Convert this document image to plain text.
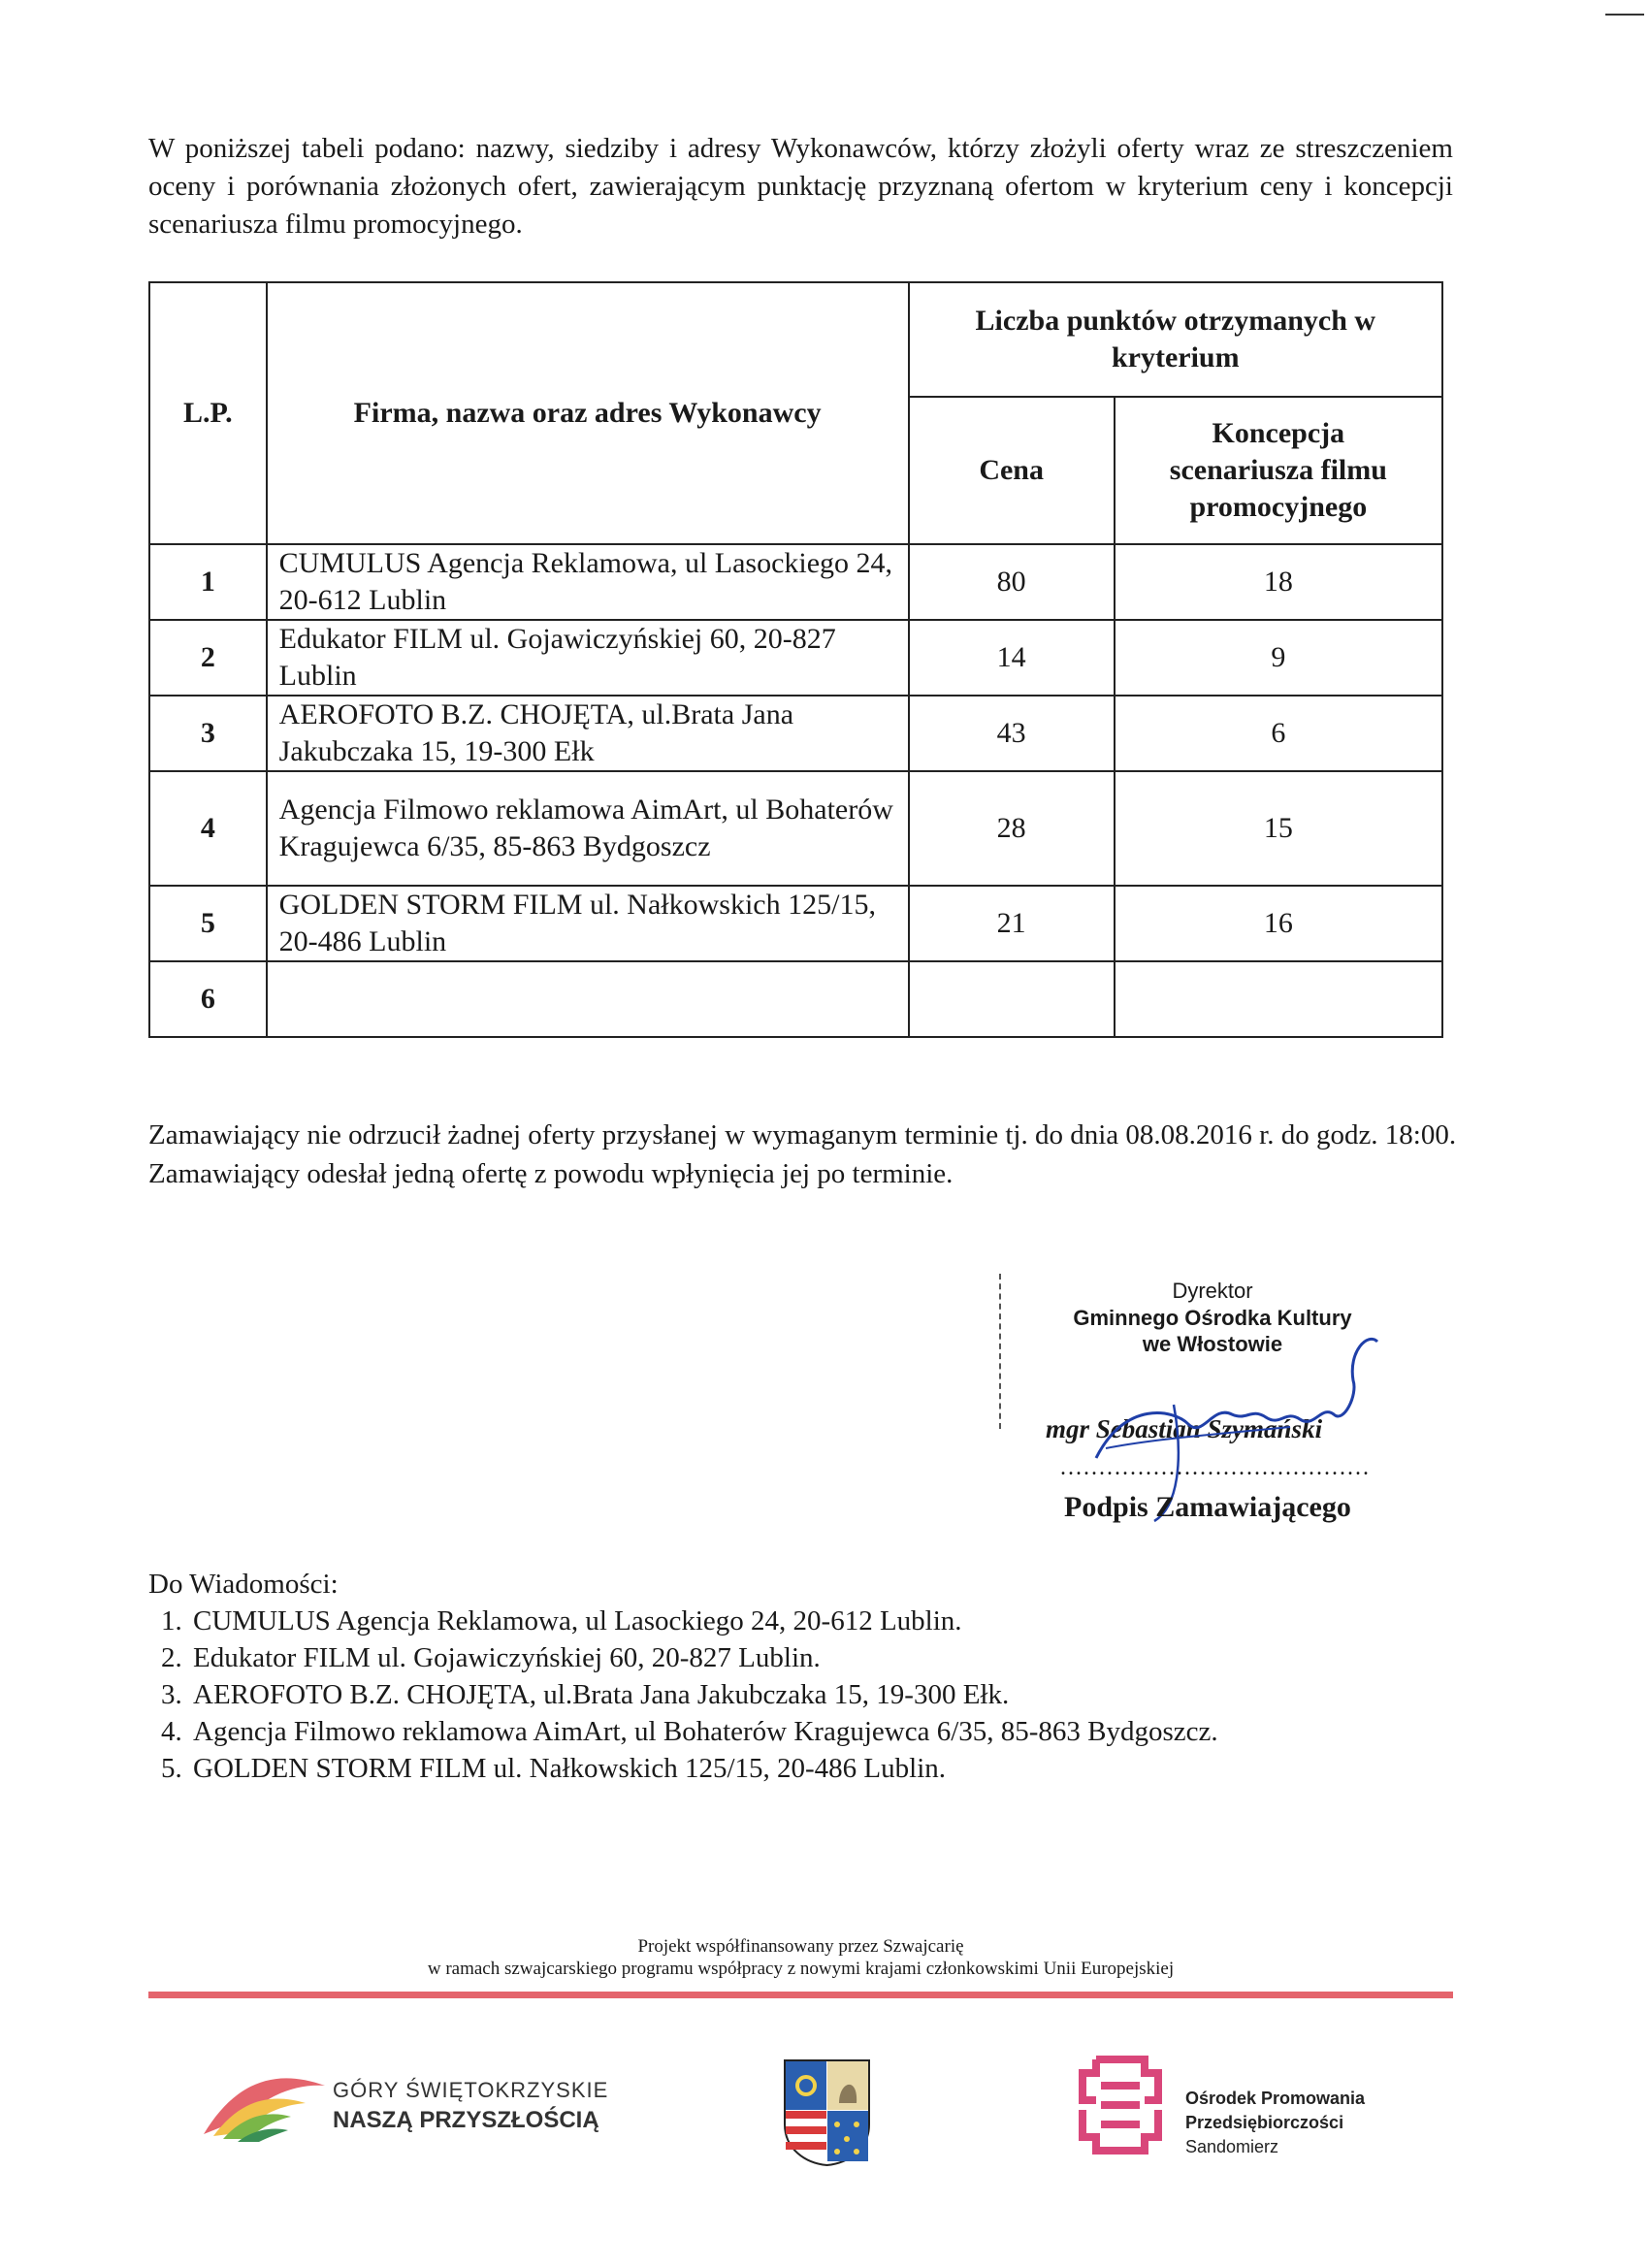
W poniższej tabeli podano: nazwy, siedziby i adresy Wykonawców, którzy złożyli oferty wraz ze streszczeniem oceny i porównania złożonych ofert, zawierającym punktację przyznaną ofertom w kryterium ceny i koncepcji scenariusza filmu promocyjnego.
L.P.	Firma, nazwa oraz adres Wykonawcy	Liczba punktów otrzymanych w kryterium	
		Cena	Koncepcja scenariusza filmu promocyjnego
1	CUMULUS Agencja Reklamowa, ul Lasockiego 24, 20-612 Lublin	80	18
2	Edukator FILM ul. Gojawiczyńskiej 60, 20-827 Lublin	14	9
3	AEROFOTO B.Z. CHOJĘTA, ul.Brata Jana Jakubczaka 15, 19-300 Ełk	43	6
4	Agencja Filmowo reklamowa AimArt, ul Bohaterów Kragujewca 6/35, 85-863 Bydgoszcz	28	15
5	GOLDEN STORM FILM ul. Nałkowskich 125/15, 20-486 Lublin	21	16
6			

Zamawiający nie odrzucił żadnej oferty przysłanej w wymaganym terminie tj. do dnia 08.08.2016 r. do godz. 18:00.

Zamawiający odesłał jedną ofertę z powodu wpłynięcia jej po terminie.

Dyrektor
Gminnego Ośrodka Kultury
we Włostowie
mgr Sebastian Szymański
........................................
Podpis Zamawiającego
Do Wiadomości:
1. CUMULUS Agencja Reklamowa, ul Lasockiego 24, 20-612 Lublin.
2. Edukator FILM ul. Gojawiczyńskiej 60, 20-827 Lublin.
3. AEROFOTO B.Z. CHOJĘTA, ul.Brata Jana Jakubczaka 15, 19-300 Ełk.
4. Agencja Filmowo reklamowa AimArt, ul Bohaterów Kragujewca 6/35, 85-863 Bydgoszcz.
5. GOLDEN STORM FILM ul. Nałkowskich 125/15, 20-486 Lublin.
Projekt współfinansowany przez Szwajcarię
w ramach szwajcarskiego programu współpracy z nowymi krajami członkowskimi Unii Europejskiej
GÓRY ŚWIĘTOKRZYSKIE
NASZĄ PRZYSZŁOŚCIĄ
Ośrodek Promowania
Przedsiębiorczości
Sandomierz
